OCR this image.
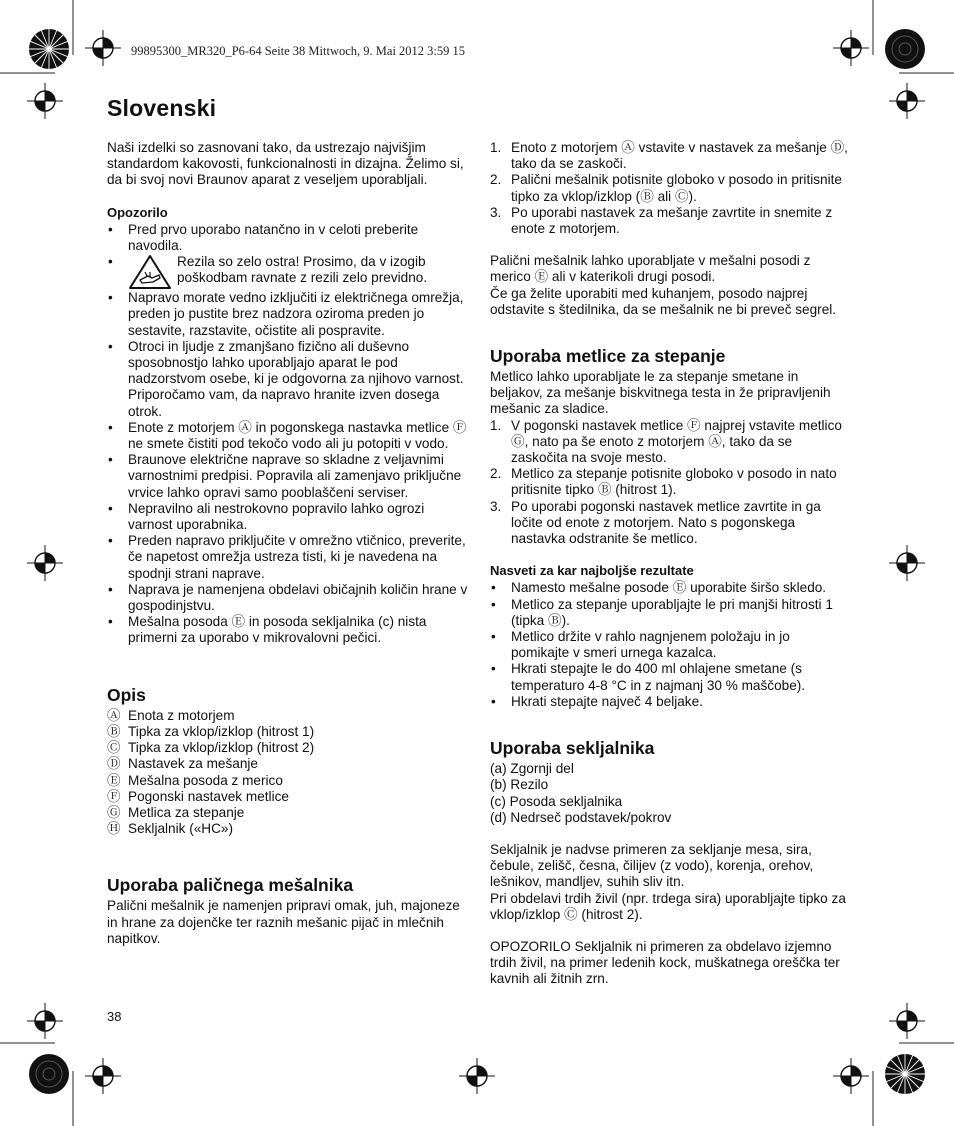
99895300_MR320_P6-64 Seite 38 Mittwoch, 9. Mai 2012 3:59 15
Slovenski

Naši izdelki so zasnovani tako, da ustrezajo najvišjim standardom kakovosti, funkcionalnosti in dizajna. Želimo si, da bi svoj novi Braunov aparat z veseljem uporabljali.

Opozorilo
• Pred prvo uporabo natančno in v celoti preberite navodila.
• Rezila so zelo ostra! Prosimo, da v izogib poškodbam ravnate z rezili zelo previdno.
• Napravo morate vedno izključiti iz električnega omrežja, preden jo pustite brez nadzora oziroma preden jo sestavite, razstavite, očistite ali pospravite.
• Otroci in ljudje z zmanjšano fizično ali duševno sposobnostjo lahko uporabljajo aparat le pod nadzorstvom osebe, ki je odgovorna za njihovo varnost. Priporočamo vam, da napravo hranite izven dosega otrok.
• Enote z motorjem Ⓐ in pogonskega nastavka metlice Ⓕ ne smete čistiti pod tekočo vodo ali ju potopiti v vodo.
• Braunove električne naprave so skladne z veljavnimi varnostnimi predpisi. Popravila ali zamenjavo priključne vrvice lahko opravi samo pooblaščeni serviser.
• Nepravilno ali nestrokovno popravilo lahko ogrozi varnost uporabnika.
• Preden napravo priključite v omrežno vtičnico, preverite, če napetost omrežja ustreza tisti, ki je navedena na spodnji strani naprave.
• Naprava je namenjena obdelavi običajnih količin hrane v gospodinjstvu.
• Mešalna posoda Ⓔ in posoda sekljalnika (c) nista primerni za uporabo v mikrovalovni pečici.
Opis
Ⓐ Enota z motorjem
Ⓑ Tipka za vklop/izklop (hitrost 1)
Ⓒ Tipka za vklop/izklop (hitrost 2)
Ⓓ Nastavek za mešanje
Ⓔ Mešalna posoda z merico
Ⓕ Pogonski nastavek metlice
Ⓖ Metlica za stepanje
Ⓗ Sekljalnik («HC»)
Uporaba paličnega mešalnika

Palični mešalnik je namenjen pripravi omak, juh, majoneze in hrane za dojenčke ter raznih mešanic pijač in mlečnih napitkov.

1. Enoto z motorjem Ⓐ vstavite v nastavek za mešanje Ⓓ, tako da se zaskoči.
2. Palični mešalnik potisnite globoko v posodo in pritisnite tipko za vklop/izklop (Ⓑ ali Ⓒ).
3. Po uporabi nastavek za mešanje zavrtite in snemite z enote z motorjem.

Palični mešalnik lahko uporabljate v mešalni posodi z merico Ⓔ ali v katerikoli drugi posodi.

Če ga želite uporabiti med kuhanjem, posodo najprej odstavite s štedilnika, da se mešalnik ne bi preveč segrel.

Uporaba metlice za stepanje

Metlico lahko uporabljate le za stepanje smetane in beljakov, za mešanje biskvitnega testa in že pripravljenih mešanic za sladice.

1. V pogonski nastavek metlice Ⓕ najprej vstavite metlico Ⓖ, nato pa še enoto z motorjem Ⓐ, tako da se zaskočita na svoje mesto.
2. Metlico za stepanje potisnite globoko v posodo in nato pritisnite tipko Ⓑ (hitrost 1).
3. Po uporabi pogonski nastavek metlice zavrtite in ga ločite od enote z motorjem. Nato s pogonskega nastavka odstranite še metlico.
Nasveti za kar najboljše rezultate
• Namesto mešalne posode Ⓔ uporabite širšo skledo.
• Metlico za stepanje uporabljajte le pri manjši hitrosti 1 (tipka Ⓑ).
• Metlico držite v rahlo nagnjenem položaju in jo pomikajte v smeri urnega kazalca.
• Hkrati stepajte le do 400 ml ohlajene smetane (s temperaturo 4-8 °C in z najmanj 30 % maščobe).
• Hkrati stepajte največ 4 beljake.
Uporaba sekljalnika

(a) Zgornji del

(b) Rezilo

(c) Posoda sekljalnika

(d) Nedrseč podstavek/pokrov

Sekljalnik je nadvse primeren za sekljanje mesa, sira, čebule, zelišč, česna, čilijev (z vodo), korenja, orehov, lešnikov, mandljev, suhih sliv itn.

Pri obdelavi trdih živil (npr. trdega sira) uporabljajte tipko za vklop/izklop Ⓒ (hitrost 2).

OPOZORILO Sekljalnik ni primeren za obdelavo izjemno trdih živil, na primer ledenih kock, muškatnega oreščka ter kavnih ali žitnih zrn.

38
